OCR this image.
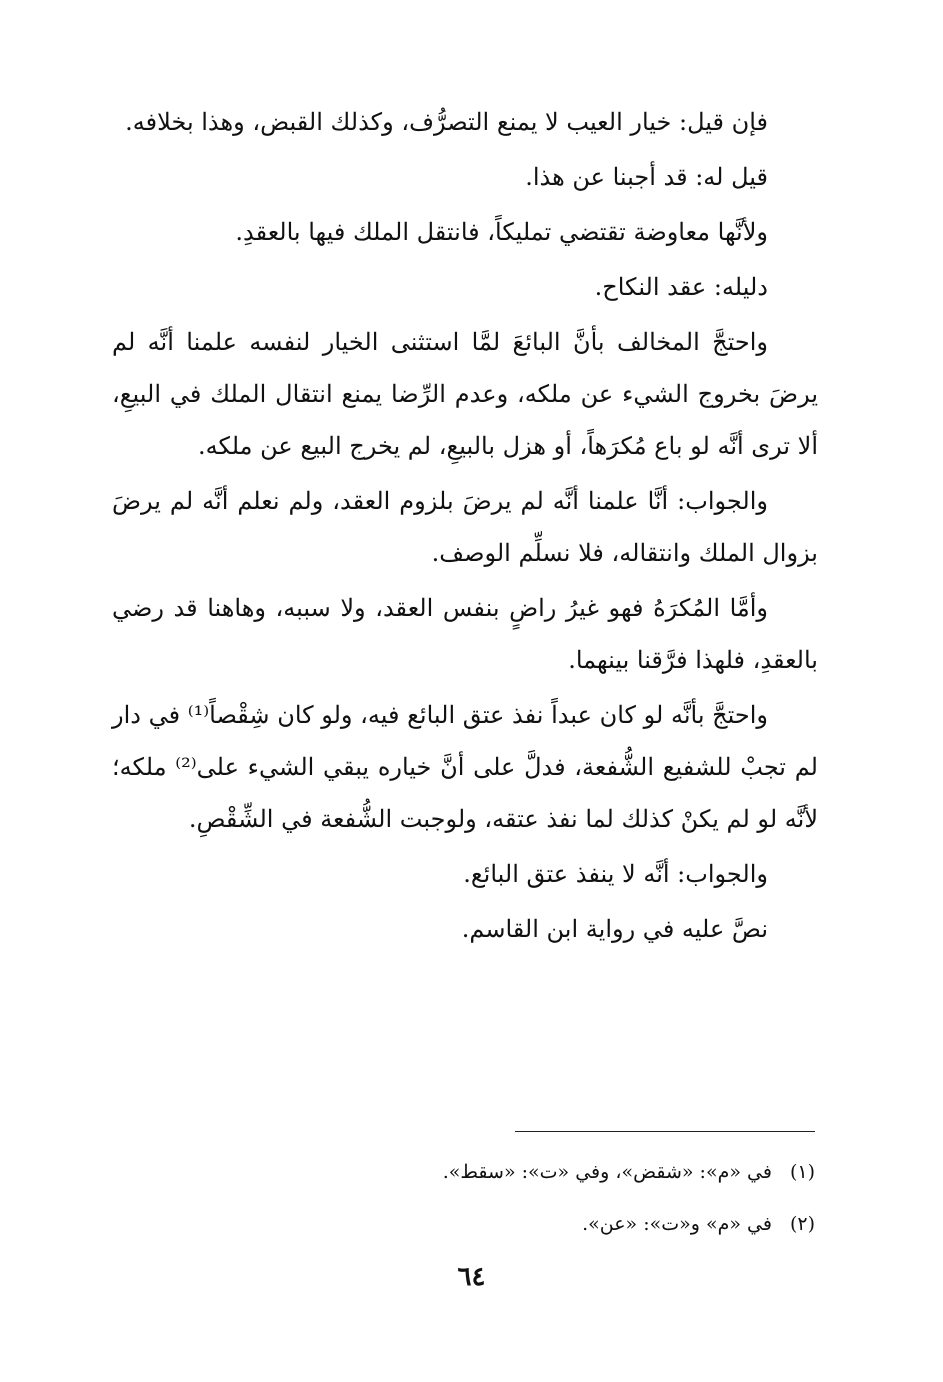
فإن قيل: خيار العيب لا يمنع التصرُّف، وكذلك القبض، وهذا بخلافه.

قيل له: قد أجبنا عن هذا.

ولأنَّها معاوضة تقتضي تمليكاً، فانتقل الملك فيها بالعقدِ.

دليله: عقد النكاح.

واحتجَّ المخالف بأنَّ البائعَ لمَّا استثنى الخيار لنفسه علمنا أنَّه لم يرضَ بخروج الشيء عن ملكه، وعدم الرِّضا يمنع انتقال الملك في البيعِ، ألا ترى أنَّه لو باع مُكرَهاً، أو هزل بالبيعِ، لم يخرج البيع عن ملكه.

والجواب: أنَّا علمنا أنَّه لم يرضَ بلزوم العقد، ولم نعلم أنَّه لم يرضَ بزوال الملك وانتقاله، فلا نسلِّم الوصف.

وأمَّا المُكرَهُ فهو غيرُ راضٍ بنفس العقد، ولا سببه، وهاهنا قد رضي بالعقدِ، فلهذا فرَّقنا بينهما.

واحتجَّ بأنَّه لو كان عبداً نفذ عتق البائع فيه، ولو كان شِقْصاً⁽¹⁾ في دار لم تجبْ للشفيع الشُّفعة، فدلَّ على أنَّ خياره يبقي الشيء على⁽²⁾ ملكه؛ لأنَّه لو لم يكنْ كذلك لما نفذ عتقه، ولوجبت الشُّفعة في الشِّقْصِ.

والجواب: أنَّه لا ينفذ عتق البائع.

نصَّ عليه في رواية ابن القاسم.

(١)في «م»: «شقض»، وفي «ت»: «سقط».

(٢)في «م» و«ت»: «عن».

٦٤
